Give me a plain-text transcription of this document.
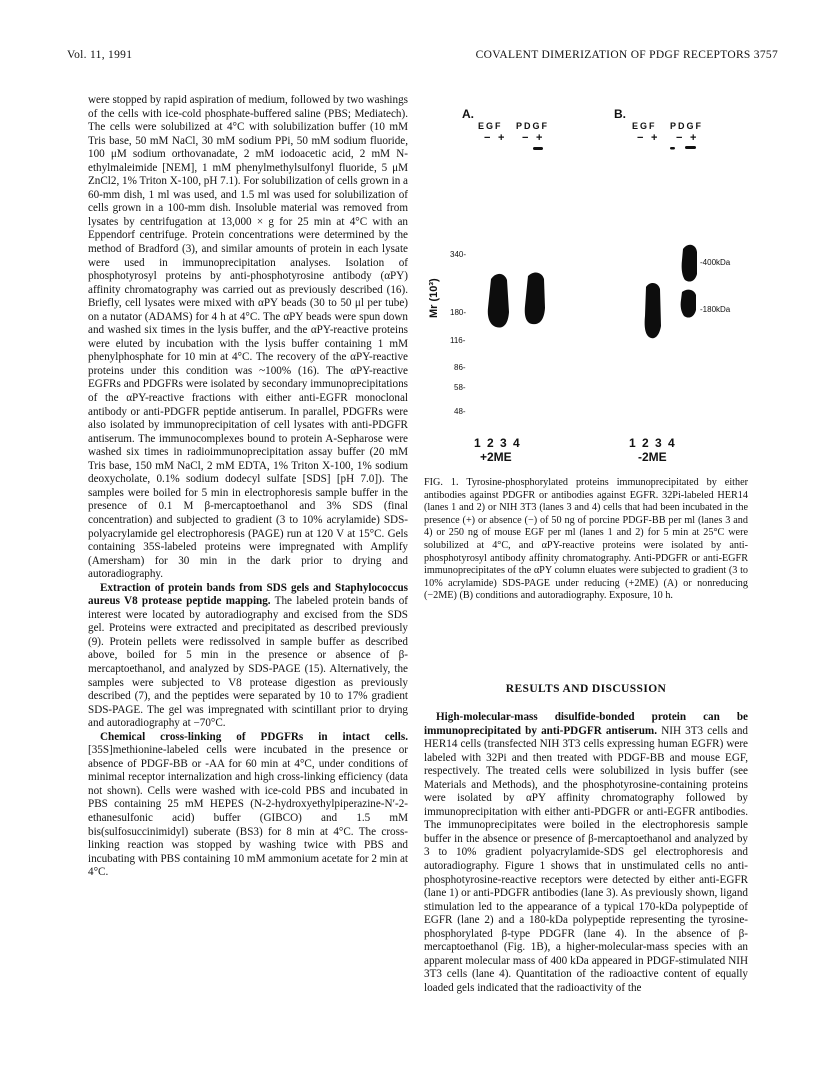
Vol. 11, 1991	COVALENT DIMERIZATION OF PDGF RECEPTORS 3757

were stopped by rapid aspiration of medium, followed by two washings of the cells with ice-cold phosphate-buffered saline (PBS; Mediatech). The cells were solubilized at 4°C with solubilization buffer (10 mM Tris base, 50 mM NaCl, 30 mM sodium PPi, 50 mM sodium fluoride, 100 μM sodium orthovanadate, 2 mM iodoacetic acid, 2 mM N-ethylmaleimide [NEM], 1 mM phenylmethylsulfonyl fluoride, 5 μM ZnCl2, 1% Triton X-100, pH 7.1). For solubilization of cells grown in a 60-mm dish, 1 ml was used, and 1.5 ml was used for solubilization of cells grown in a 100-mm dish. Insoluble material was removed from lysates by centrifugation at 13,000 × g for 25 min at 4°C with an Eppendorf centrifuge. Protein concentrations were determined by the method of Bradford (3), and similar amounts of protein in each lysate were used in immunoprecipitation analyses. Isolation of phosphotyrosyl proteins by anti-phosphotyrosine antibody (αPY) affinity chromatography was carried out as previously described (16). Briefly, cell lysates were mixed with αPY beads (30 to 50 μl per tube) on a nutator (ADAMS) for 4 h at 4°C. The αPY beads were spun down and washed six times in the lysis buffer, and the αPY-reactive proteins were eluted by incubation with the lysis buffer containing 1 mM phenylphosphate for 10 min at 4°C. The recovery of the αPY-reactive proteins under this condition was ~100% (16). The αPY-reactive EGFRs and PDGFRs were isolated by secondary immunoprecipitations of the αPY-reactive fractions with either anti-EGFR monoclonal antibody or anti-PDGFR peptide antiserum. In parallel, PDGFRs were also isolated by immunoprecipitation of cell lysates with anti-PDGFR antiserum. The immunocomplexes bound to protein A-Sepharose were washed six times in radioimmunoprecipitation assay buffer (20 mM Tris base, 150 mM NaCl, 2 mM EDTA, 1% Triton X-100, 1% sodium deoxycholate, 0.1% sodium dodecyl sulfate [SDS] [pH 7.0]). The samples were boiled for 5 min in electrophoresis sample buffer in the presence of 0.1 M β-mercaptoethanol and 3% SDS (final concentration) and subjected to gradient (3 to 10% acrylamide) SDS-polyacrylamide gel electrophoresis (PAGE) run at 120 V at 15°C. Gels containing 35S-labeled proteins were impregnated with Amplify (Amersham) for 30 min in the dark prior to drying and autoradiography.

Extraction of protein bands from SDS gels and Staphylococcus aureus V8 protease peptide mapping. The labeled protein bands of interest were located by autoradiography and excised from the SDS gel. Proteins were extracted and precipitated as described previously (9). Protein pellets were redissolved in sample buffer as described above, boiled for 5 min in the presence or absence of β-mercaptoethanol, and analyzed by SDS-PAGE (15). Alternatively, the samples were subjected to V8 protease digestion as previously described (7), and the peptides were separated by 10 to 17% gradient SDS-PAGE. The gel was impregnated with scintillant prior to drying and autoradiography at −70°C.

Chemical cross-linking of PDGFRs in intact cells. [35S]methionine-labeled cells were incubated in the presence or absence of PDGF-BB or -AA for 60 min at 4°C, under conditions of minimal receptor internalization and high cross-linking efficiency (data not shown). Cells were washed with ice-cold PBS and incubated in PBS containing 25 mM HEPES (N-2-hydroxyethylpiperazine-N′-2-ethanesulfonic acid) buffer (GIBCO) and 1.5 mM bis(sulfosuccinimidyl) suberate (BS3) for 8 min at 4°C. The cross-linking reaction was stopped by washing twice with PBS and incubating with PBS containing 10 mM ammonium acetate for 2 min at 4°C.

A.
EGF PDGF
− + − +
B.
EGF PDGF
− + − +
Mr (10³)
340-
180-
116-
86-
58-
48-
-400kDa
-180kDa
1 2 3 4
+2ME
1 2 3 4
-2ME

FIG. 1. Tyrosine-phosphorylated proteins immunoprecipitated by either antibodies against PDGFR or antibodies against EGFR. 32Pi-labeled HER14 (lanes 1 and 2) or NIH 3T3 (lanes 3 and 4) cells that had been incubated in the presence (+) or absence (−) of 50 ng of porcine PDGF-BB per ml (lanes 3 and 4) or 250 ng of mouse EGF per ml (lanes 1 and 2) for 5 min at 25°C were solubilized at 4°C, and αPY-reactive proteins were isolated by anti-phosphotyrosyl antibody affinity chromatography. Anti-PDGFR or anti-EGFR immunoprecipitates of the αPY column eluates were subjected to gradient (3 to 10% acrylamide) SDS-PAGE under reducing (+2ME) (A) or nonreducing (−2ME) (B) conditions and autoradiography. Exposure, 10 h.

RESULTS AND DISCUSSION

High-molecular-mass disulfide-bonded protein can be immunoprecipitated by anti-PDGFR antiserum. NIH 3T3 cells and HER14 cells (transfected NIH 3T3 cells expressing human EGFR) were labeled with 32Pi and then treated with PDGF-BB and mouse EGF, respectively. The treated cells were solubilized in lysis buffer (see Materials and Methods), and the phosphotyrosine-containing proteins were isolated by αPY affinity chromatography followed by immunoprecipitation with either anti-PDGFR or anti-EGFR antibodies. The immunoprecipitates were boiled in the electrophoresis sample buffer in the absence or presence of β-mercaptoethanol and analyzed by 3 to 10% gradient polyacrylamide-SDS gel electrophoresis and autoradiography. Figure 1 shows that in unstimulated cells no anti-phosphotyrosine-reactive receptors were detected by either anti-EGFR (lane 1) or anti-PDGFR antibodies (lane 3). As previously shown, ligand stimulation led to the appearance of a typical 170-kDa polypeptide of EGFR (lane 2) and a 180-kDa polypeptide representing the tyrosine-phosphorylated β-type PDGFR (lane 4). In the absence of β-mercaptoethanol (Fig. 1B), a higher-molecular-mass species with an apparent molecular mass of 400 kDa appeared in PDGF-stimulated NIH 3T3 cells (lane 4). Quantitation of the radioactive content of equally loaded gels indicated that the radioactivity of the
